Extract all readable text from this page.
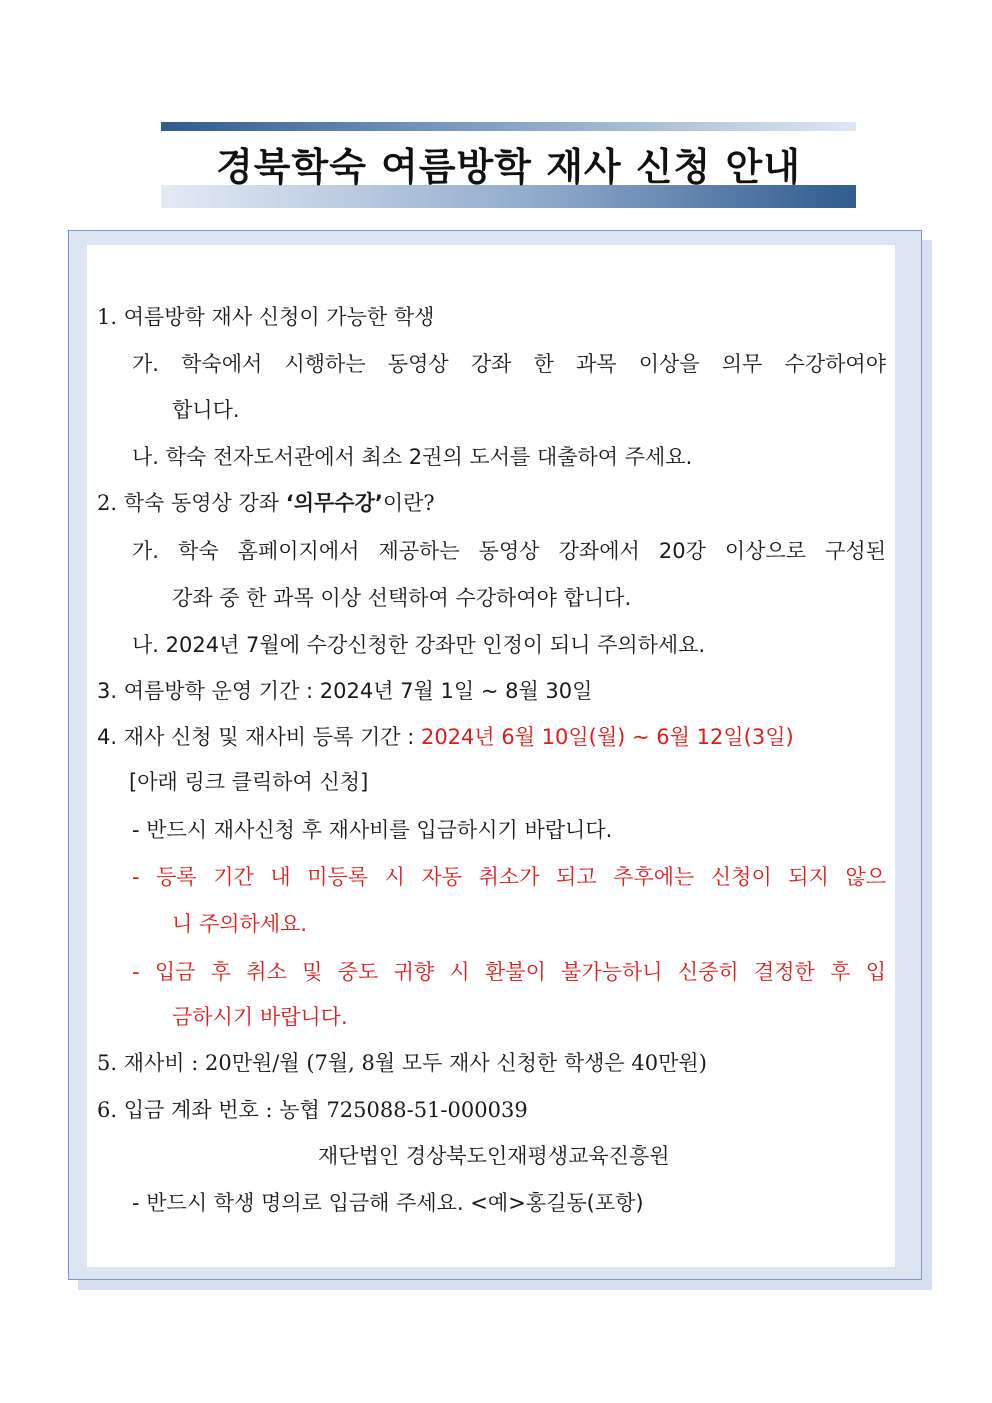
경북학숙 여름방학 재사 신청 안내
1. 여름방학 재사 신청이 가능한 학생
가. 학숙에서 시행하는 동영상 강좌 한 과목 이상을 의무 수강하여야
합니다.
나. 학숙 전자도서관에서 최소 2권의 도서를 대출하여 주세요.
2. 학숙 동영상 강좌 ‘의무수강’이란?
가. 학숙 홈페이지에서 제공하는 동영상 강좌에서 20강 이상으로 구성된
강좌 중 한 과목 이상 선택하여 수강하여야 합니다.
나. 2024년 7월에 수강신청한 강좌만 인정이 되니 주의하세요.
3. 여름방학 운영 기간 : 2024년 7월 1일 ~ 8월 30일
4. 재사 신청 및 재사비 등록 기간 : 2024년 6월 10일(월) ~ 6월 12일(3일)
[아래 링크 클릭하여 신청]
- 반드시 재사신청 후 재사비를 입금하시기 바랍니다.
- 등록 기간 내 미등록 시 자동 취소가 되고 추후에는 신청이 되지 않으
니 주의하세요.
- 입금 후 취소 및 중도 귀향 시 환불이 불가능하니 신중히 결정한 후 입
금하시기 바랍니다.
5. 재사비 : 20만원/월 (7월, 8월 모두 재사 신청한 학생은 40만원)
6. 입금 계좌 번호 : 농협 725088-51-000039
재단법인 경상북도인재평생교육진흥원
- 반드시 학생 명의로 입금해 주세요. <예>홍길동(포항)
